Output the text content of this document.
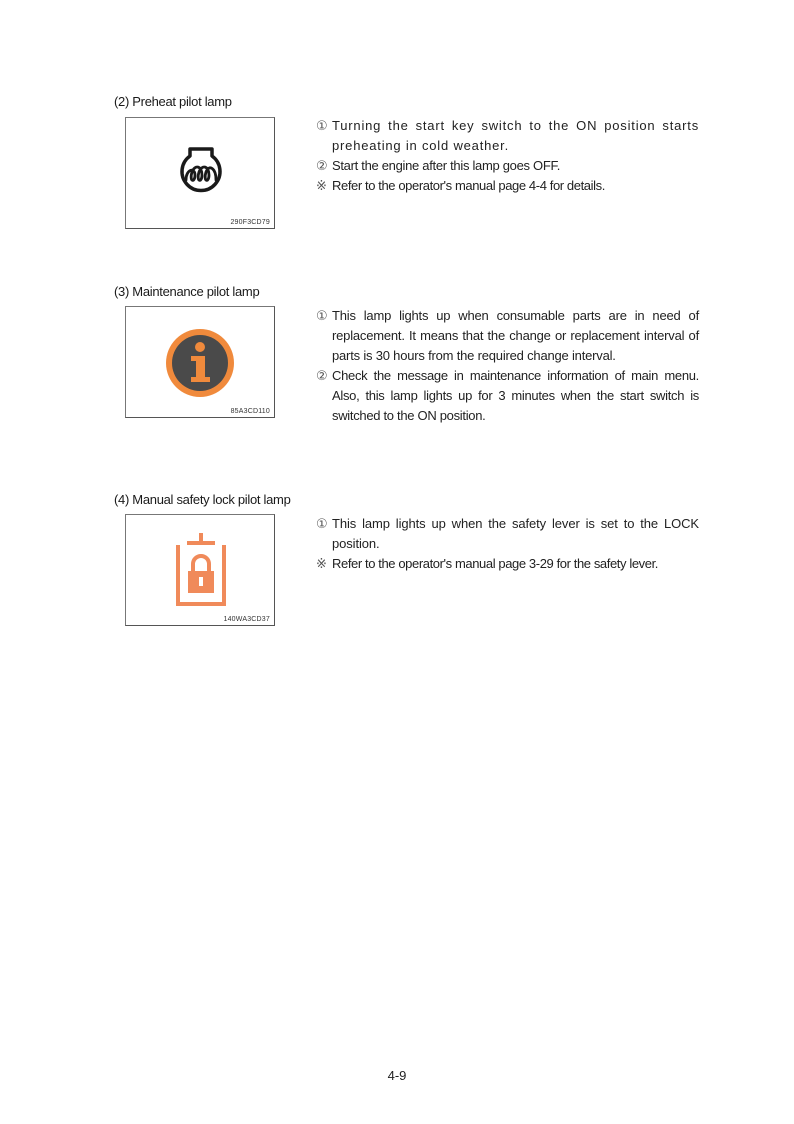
(2) Preheat pilot lamp
290F3CD79
① Turning the start key switch to the ON position starts preheating in cold weather.
② Start the engine after this lamp goes OFF.
※ Refer to the operator's manual page 4-4 for details.
(3) Maintenance pilot lamp
85A3CD110
① This lamp lights up when consumable parts are in need of replacement. It means that the change or replacement interval of parts is 30 hours from the required change interval.
② Check the message in maintenance information of main menu. Also, this lamp lights up for 3 minutes when the start switch is switched to the ON position.
(4) Manual safety lock pilot lamp
140WA3CD37
① This lamp lights up when the safety lever is set to the LOCK position.
※ Refer to the operator's manual page 3-29 for the safety lever.
4-9
